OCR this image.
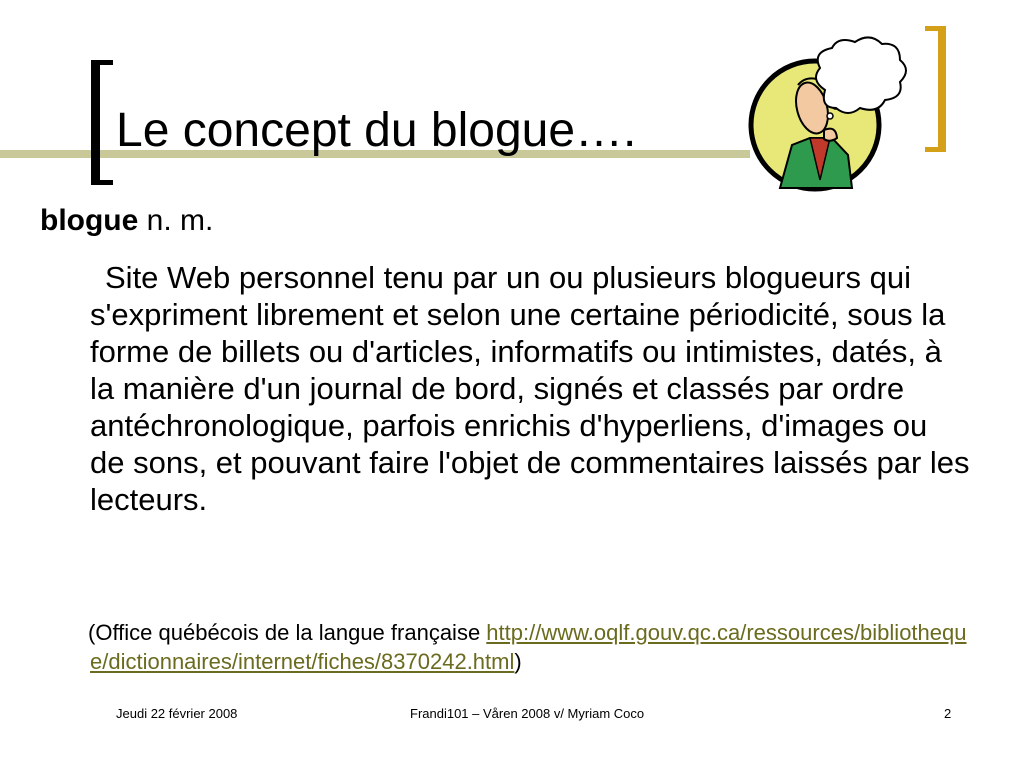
Le concept du blogue….
blogue n. m.

Site Web personnel tenu par un ou plusieurs blogueurs qui s'expriment librement et selon une certaine périodicité, sous la forme de billets ou d'articles, informatifs ou intimistes, datés, à la manière d'un journal de bord, signés et classés par ordre antéchronologique, parfois enrichis d'hyperliens, d'images ou de sons, et pouvant faire l'objet de commentaires laissés par les lecteurs.

(Office québécois de la langue française http://www.oqlf.gouv.qc.ca/ressources/bibliotheque/dictionnaires/internet/fiches/8370242.html)

Jeudi 22 février 2008	Frandi101 – Våren 2008 v/ Myriam Coco	2
